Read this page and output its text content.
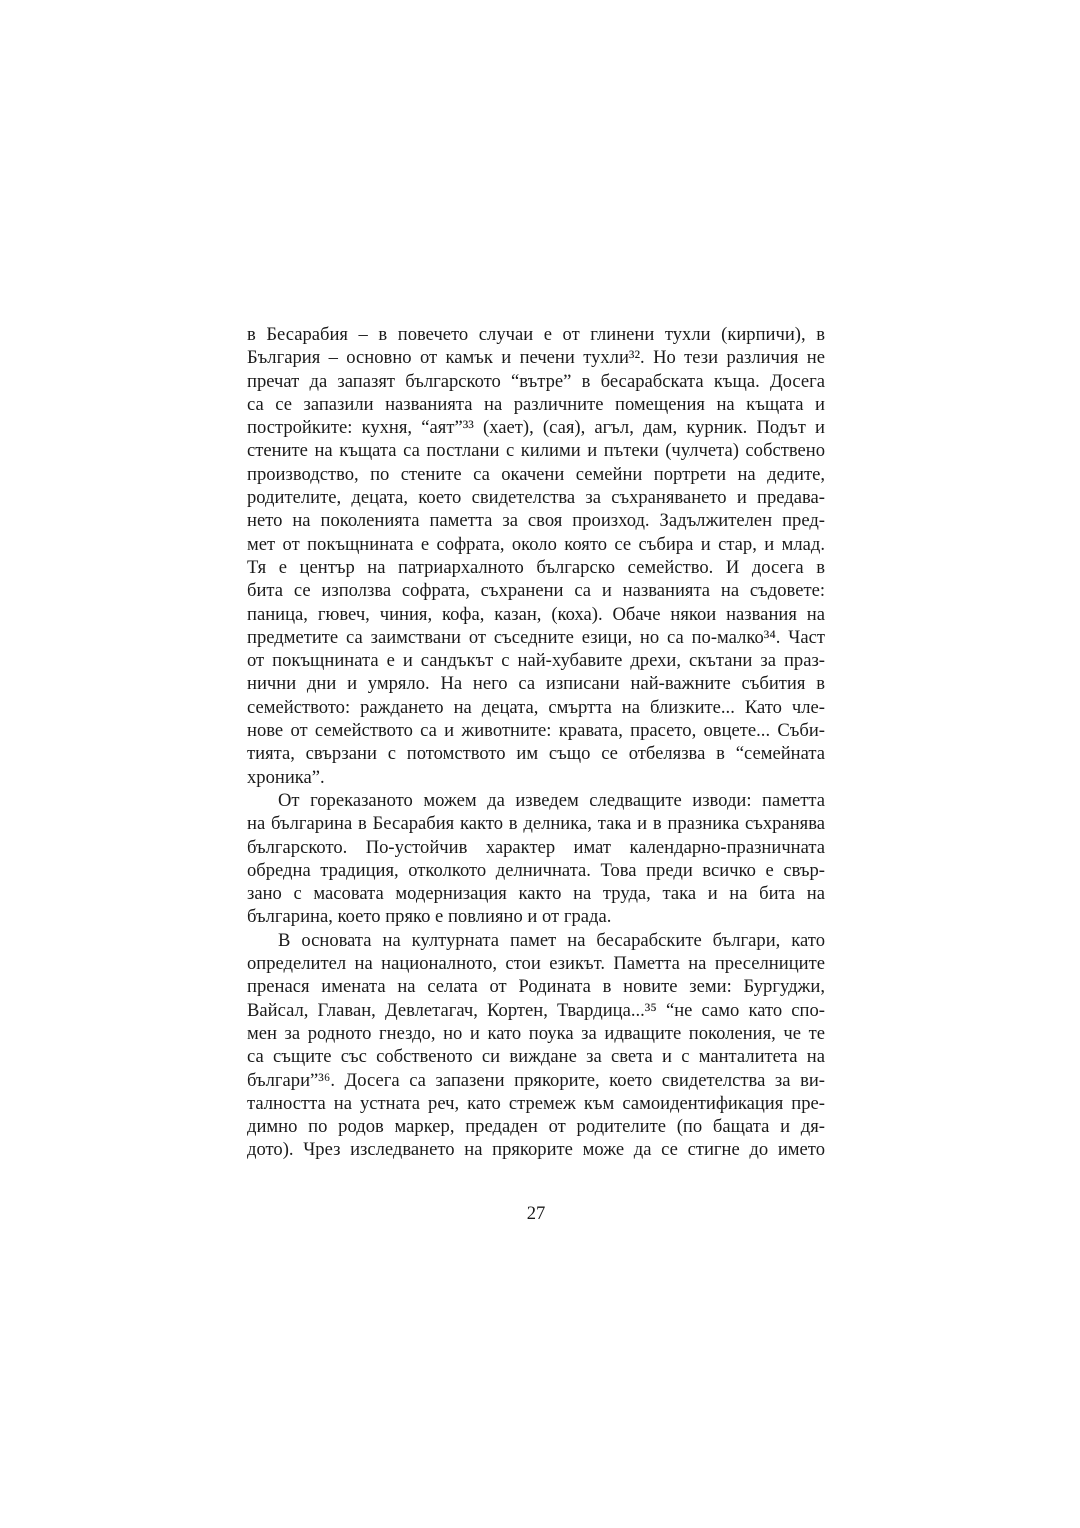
в Бесарабия – в повечето случаи е от глинени тухли (кирпичи), в
България – основно от камък и печени тухли³². Но тези различия не
пречат да запазят българското “вътре” в бесарабската къща. Досега
са се запазили названията на различните помещения на къщата и
постройките: кухня, “аят”³³ (хает), (сая), агъл, дам, курник. Подът и
стените на къщата са постлани с килими и пътеки (чулчета) собствено
производство, по стените са окачени семейни портрети на дедите,
родителите, децата, което свидетелства за съхраняването и предава-
нето на поколенията паметта за своя произход. Задължителен пред-
мет от покъщнината е софрата, около която се събира и стар, и млад.
Тя е център на патриархалното българско семейство. И досега в
бита се използва софрата, съхранени са и названията на съдовете:
паница, гювеч, чиния, кофа, казан, (коха). Обаче някои названия на
предметите са заимствани от съседните езици, но са по-малко³⁴. Част
от покъщнината е и сандъкът с най-хубавите дрехи, скътани за праз-
нични дни и умряло. На него са изписани най-важните събития в
семейството: раждането на децата, смъртта на близките... Като чле-
нове от семейството са и животните: кравата, прасето, овцете... Съби-
тията, свързани с потомството им също се отбелязва в “семейната
хроника”.
От гореказаното можем да изведем следващите изводи: паметта
на българина в Бесарабия както в делника, така и в празника съхранява
българското. По-устойчив характер имат календарно-празничната
обредна традиция, отколкото делничната. Това преди всичко е свър-
зано с масовата модернизация както на труда, така и на бита на
българина, което пряко е повлияно и от града.
В основата на културната памет на бесарабските българи, като
определител на националното, стои езикът. Паметта на преселниците
пренася имената на селата от Родината в новите земи: Бургуджи,
Вайсал, Главан, Девлетагач, Кортен, Твардица...³⁵ “не само като спо-
мен за родното гнездо, но и като поука за идващите поколения, че те
са същите със собственото си виждане за света и с манталитета на
българи”³⁶. Досега са запазени прякорите, което свидетелства за ви-
талността на устната реч, като стремеж към самоидентификация пре-
димно по родов маркер, предаден от родителите (по бащата и дя-
дото). Чрез изследването на прякорите може да се стигне до името
27
